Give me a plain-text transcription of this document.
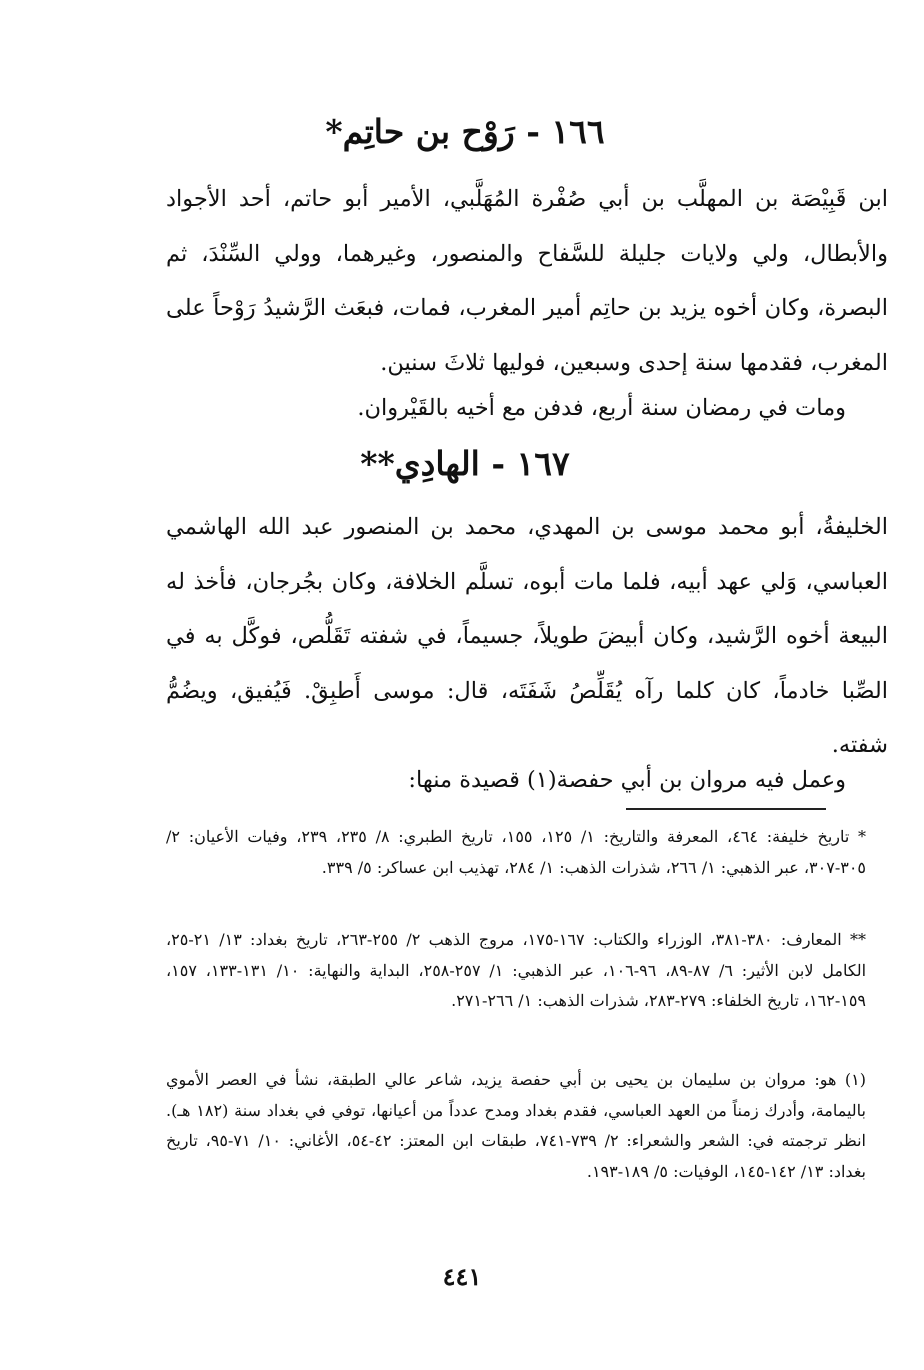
١٦٦ - رَوْح بن حاتِم*
ابن قَبِيْصَة بن المهلَّب بن أبي صُفْرة المُهَلَّبي، الأمير أبو حاتم، أحد الأجواد والأبطال، ولي ولايات جليلة للسَّفاح والمنصور، وغيرهما، وولي السِّنْدَ، ثم البصرة، وكان أخوه يزيد بن حاتِم أمير المغرب، فمات، فبعَث الرَّشيدُ رَوْحاً على المغرب، فقدمها سنة إحدى وسبعين، فوليها ثلاثَ سنين.
ومات في رمضان سنة أربع، فدفن مع أخيه بالقَيْروان.
١٦٧ - الهادِي**
الخليفةُ، أبو محمد موسى بن المهدي، محمد بن المنصور عبد الله الهاشمي العباسي، وَلي عهد أبيه، فلما مات أبوه، تسلَّم الخلافة، وكان بجُرجان، فأخذ له البيعة أخوه الرَّشيد، وكان أبيضَ طويلاً، جسيماً، في شفته تَقَلُّص، فوكَّل به في الصِّبا خادماً، كان كلما رآه يُقَلِّصُ شَفَتَه، قال: موسى أَطبِقْ. فَيُفيق، ويضُمُّ شفته.
وعمل فيه مروان بن أبي حفصة(١) قصيدة منها:
* تاريخ خليفة: ٤٦٤، المعرفة والتاريخ: ١/ ١٢٥، ١٥٥، تاريخ الطبري: ٨/ ٢٣٥، ٢٣٩، وفيات الأعيان: ٢/ ٣٠٥-٣٠٧، عبر الذهبي: ١/ ٢٦٦، شذرات الذهب: ١/ ٢٨٤، تهذيب ابن عساكر: ٥/ ٣٣٩.
** المعارف: ٣٨٠-٣٨١، الوزراء والكتاب: ١٦٧-١٧٥، مروج الذهب ٢/ ٢٥٥-٢٦٣، تاريخ بغداد: ١٣/ ٢١-٢٥، الكامل لابن الأثير: ٦/ ٨٧-٨٩، ٩٦-١٠٦، عبر الذهبي: ١/ ٢٥٧-٢٥٨، البداية والنهاية: ١٠/ ١٣١-١٣٣، ١٥٧، ١٥٩-١٦٢، تاريخ الخلفاء: ٢٧٩-٢٨٣، شذرات الذهب: ١/ ٢٦٦-٢٧١.
(١) هو: مروان بن سليمان بن يحيى بن أبي حفصة يزيد، شاعر عالي الطبقة، نشأ في العصر الأموي باليمامة، وأدرك زمناً من العهد العباسي، فقدم بغداد ومدح عدداً من أعيانها، توفي في بغداد سنة (١٨٢ هـ). انظر ترجمته في: الشعر والشعراء: ٢/ ٧٣٩-٧٤١، طبقات ابن المعتز: ٤٢-٥٤، الأغاني: ١٠/ ٧١-٩٥، تاريخ بغداد: ١٣/ ١٤٢-١٤٥، الوفيات: ٥/ ١٨٩-١٩٣.
٤٤١
